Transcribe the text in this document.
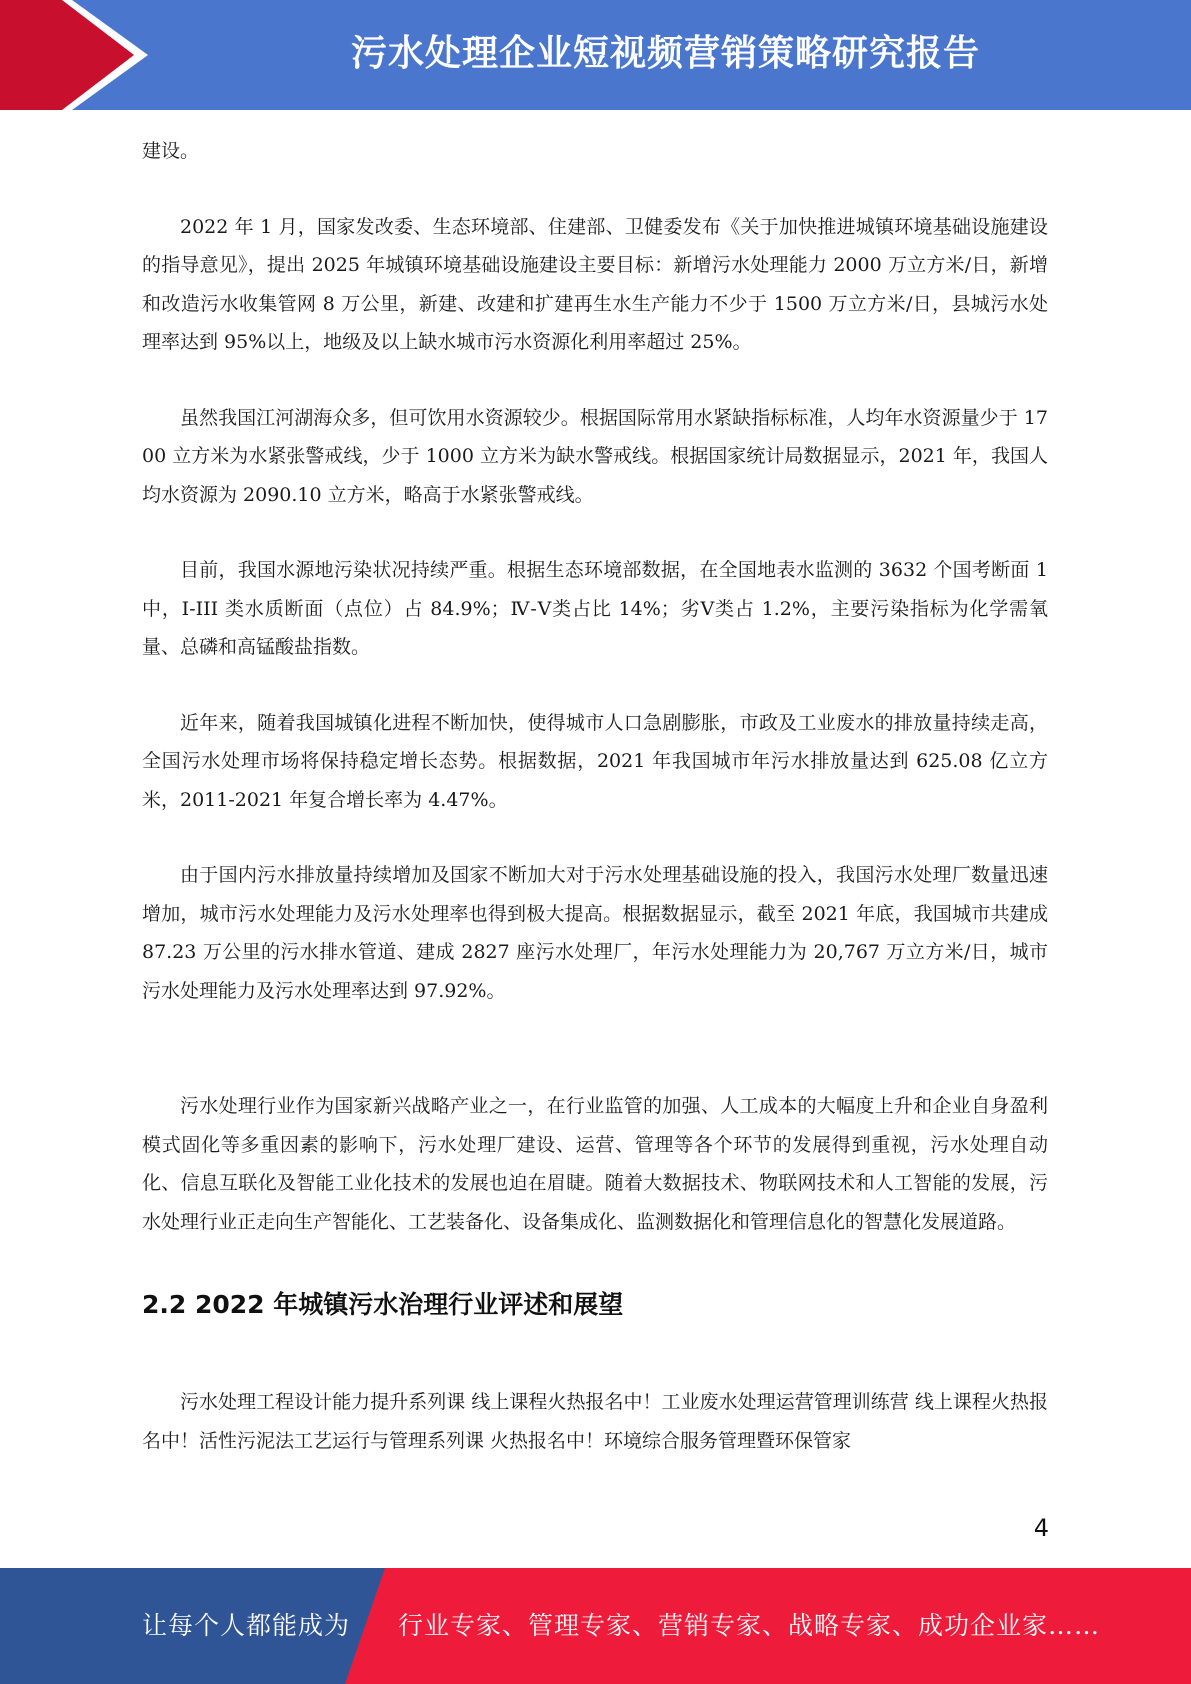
污水处理企业短视频营销策略研究报告

建设。

2022 年 1 月，国家发改委、生态环境部、住建部、卫健委发布《关于加快推进城镇环境基础设施建设的指导意见》，提出 2025 年城镇环境基础设施建设主要目标：新增污水处理能力 2000 万立方米/日，新增和改造污水收集管网 8 万公里，新建、改建和扩建再生水生产能力不少于 1500 万立方米/日，县城污水处理率达到 95%以上，地级及以上缺水城市污水资源化利用率超过 25%。

虽然我国江河湖海众多，但可饮用水资源较少。根据国际常用水紧缺指标标准，人均年水资源量少于 1700 立方米为水紧张警戒线，少于 1000 立方米为缺水警戒线。根据国家统计局数据显示，2021 年，我国人均水资源为 2090.10 立方米，略高于水紧张警戒线。

目前，我国水源地污染状况持续严重。根据生态环境部数据，在全国地表水监测的 3632 个国考断面 1 中，I-III 类水质断面（点位）占 84.9%；Ⅳ-Ⅴ类占比 14%；劣Ⅴ类占 1.2%，主要污染指标为化学需氧量、总磷和高锰酸盐指数。

近年来，随着我国城镇化进程不断加快，使得城市人口急剧膨胀，市政及工业废水的排放量持续走高，全国污水处理市场将保持稳定增长态势。根据数据，2021 年我国城市年污水排放量达到 625.08 亿立方米，2011-2021 年复合增长率为 4.47%。

由于国内污水排放量持续增加及国家不断加大对于污水处理基础设施的投入，我国污水处理厂数量迅速增加，城市污水处理能力及污水处理率也得到极大提高。根据数据显示，截至 2021 年底，我国城市共建成 87.23 万公里的污水排水管道、建成 2827 座污水处理厂，年污水处理能力为 20,767 万立方米/日，城市污水处理能力及污水处理率达到 97.92%。

污水处理行业作为国家新兴战略产业之一，在行业监管的加强、人工成本的大幅度上升和企业自身盈利模式固化等多重因素的影响下，污水处理厂建设、运营、管理等各个环节的发展得到重视，污水处理自动化、信息互联化及智能工业化技术的发展也迫在眉睫。随着大数据技术、物联网技术和人工智能的发展，污水处理行业正走向生产智能化、工艺装备化、设备集成化、监测数据化和管理信息化的智慧化发展道路。

2.2 2022 年城镇污水治理行业评述和展望

污水处理工程设计能力提升系列课 线上课程火热报名中！工业废水处理运营管理训练营 线上课程火热报名中！活性污泥法工艺运行与管理系列课 火热报名中！环境综合服务管理暨环保管家

4
让每个人都能成为 行业专家、管理专家、营销专家、战略专家、成功企业家……
